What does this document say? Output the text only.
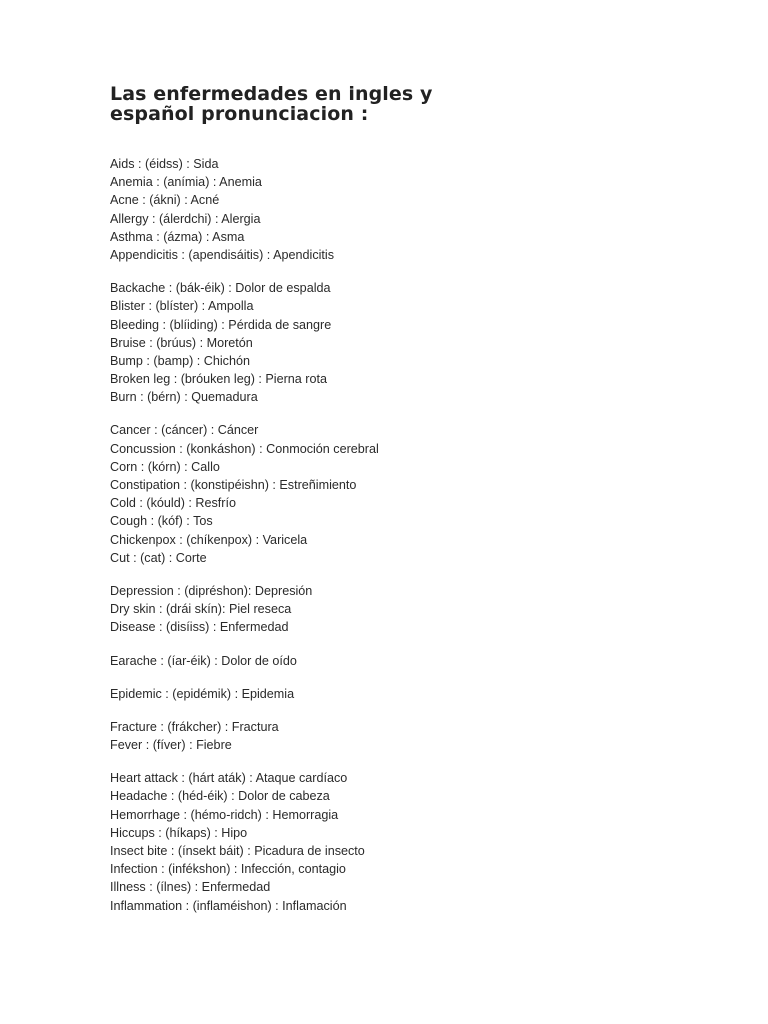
Las enfermedades en ingles y
español pronunciacion :
Aids : (éidss) : Sida
Anemia : (anímia) : Anemia
Acne : (ákni) : Acné
Allergy : (álerdchi) : Alergia
Asthma : (ázma) : Asma
Appendicitis : (apendisáitis) : Apendicitis
Backache : (bák-éik) : Dolor de espalda
Blister : (blíster) : Ampolla
Bleeding : (blíiding) : Pérdida de sangre
Bruise : (brúus) : Moretón
Bump : (bamp) : Chichón
Broken leg : (bróuken leg) : Pierna rota
Burn : (bérn) : Quemadura
Cancer : (cáncer) : Cáncer
Concussion : (konkáshon) : Conmoción cerebral
Corn : (kórn) : Callo
Constipation : (konstipéishn) : Estreñimiento
Cold : (kóuld) : Resfrío
Cough : (kóf) : Tos
Chickenpox : (chíkenpox) : Varicela
Cut : (cat) : Corte
Depression : (dipréshon): Depresión
Dry skin : (drái skín): Piel reseca
Disease : (disíiss) : Enfermedad
Earache : (íar-éik) : Dolor de oído
Epidemic : (epidémik) : Epidemia
Fracture : (frákcher) : Fractura
Fever : (fíver) : Fiebre
Heart attack : (hárt aták) : Ataque cardíaco
Headache : (héd-éik) : Dolor de cabeza
Hemorrhage : (hémo-ridch) : Hemorragia
Hiccups : (híkaps) : Hipo
Insect bite : (ínsekt báit) : Picadura de insecto
Infection : (infékshon) : Infección, contagio
Illness : (ílnes) : Enfermedad
Inflammation : (inflaméishon) : Inflamación
